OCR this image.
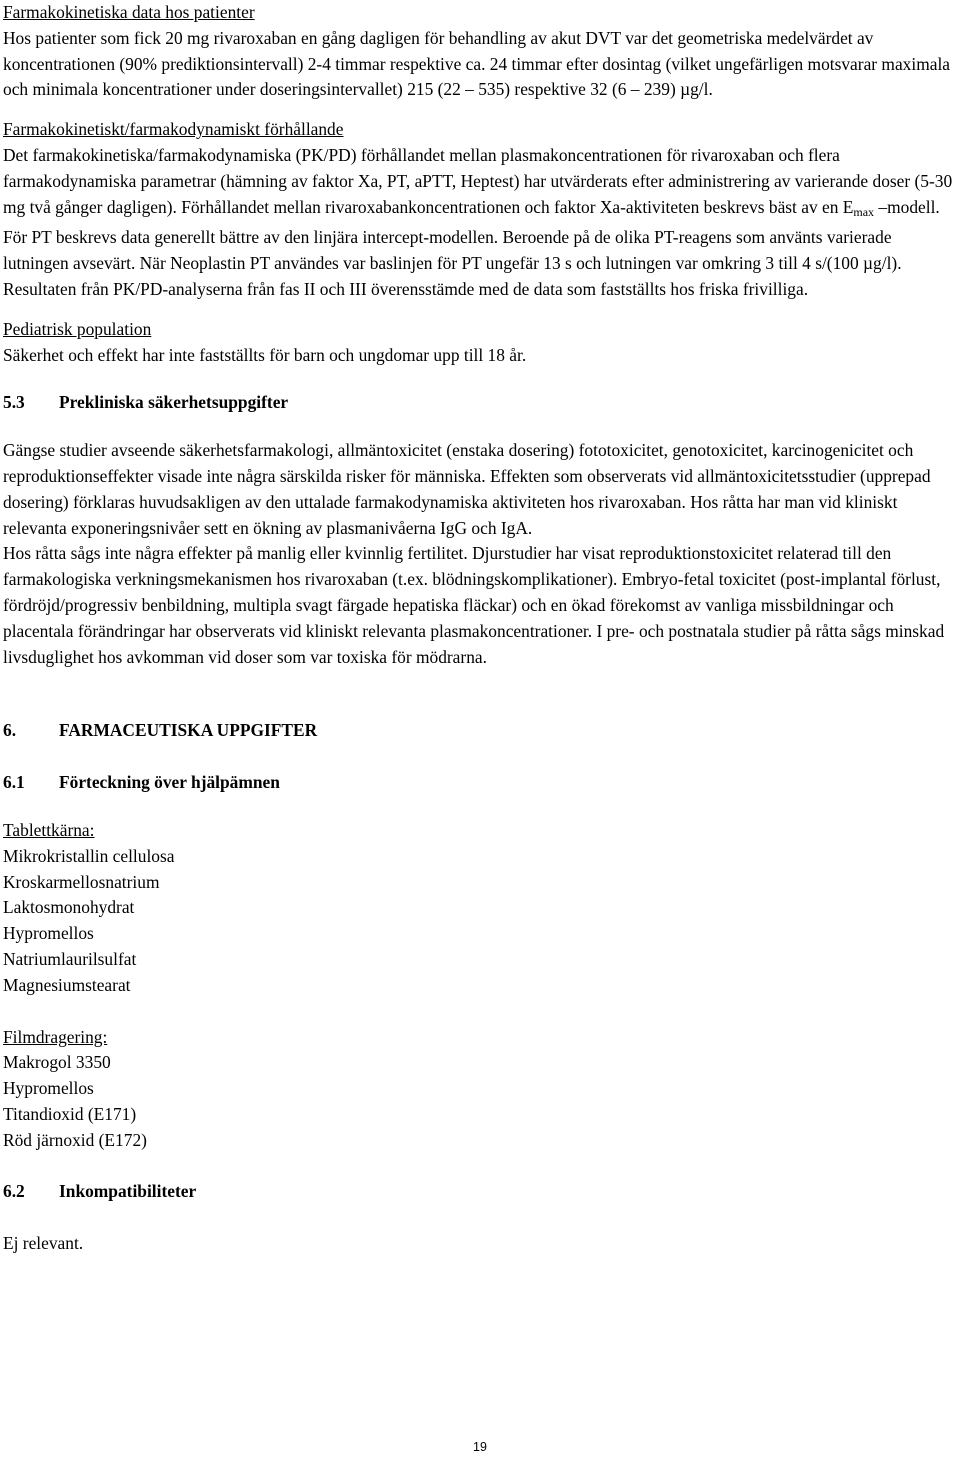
Farmakokinetiska data hos patienter

Hos patienter som fick 20 mg rivaroxaban en gång dagligen för behandling av akut DVT var det geometriska medelvärdet av koncentrationen (90% prediktionsintervall) 2-4 timmar respektive ca. 24 timmar efter dosintag (vilket ungefärligen motsvarar maximala och minimala koncentrationer under doseringsintervallet) 215 (22 – 535) respektive 32 (6 – 239) µg/l.

Farmakokinetiskt/farmakodynamiskt förhållande

Det farmakokinetiska/farmakodynamiska (PK/PD) förhållandet mellan plasmakoncentrationen för rivaroxaban och flera farmakodynamiska parametrar (hämning av faktor Xa, PT, aPTT, Heptest) har utvärderats efter administrering av varierande doser (5-30 mg två gånger dagligen). Förhållandet mellan rivaroxabankoncentrationen och faktor Xa-aktiviteten beskrevs bäst av en $E_{max}$ –modell. För PT beskrevs data generellt bättre av den linjära intercept-modellen. Beroende på de olika PT-reagens som använts varierade lutningen avsevärt. När Neoplastin PT användes var baslinjen för PT ungefär 13 s och lutningen var omkring 3 till 4 s/(100 µg/l). Resultaten från PK/PD-analyserna från fas II och III överensstämde med de data som fastställts hos friska frivilliga.

Pediatrisk population

Säkerhet och effekt har inte fastställts för barn och ungdomar upp till 18 år.

5.3	Prekliniska säkerhetsuppgifter

Gängse studier avseende säkerhetsfarmakologi, allmäntoxicitet (enstaka dosering) fototoxicitet, genotoxicitet, karcinogenicitet och reproduktionseffekter visade inte några särskilda risker för människa. Effekten som observerats vid allmäntoxicitetsstudier (upprepad dosering) förklaras huvudsakligen av den uttalade farmakodynamiska aktiviteten hos rivaroxaban. Hos råtta har man vid kliniskt relevanta exponeringsnivåer sett en ökning av plasmanivåerna IgG och IgA.

Hos råtta sågs inte några effekter på manlig eller kvinnlig fertilitet. Djurstudier har visat reproduktionstoxicitet relaterad till den farmakologiska verkningsmekanismen hos rivaroxaban (t.ex. blödningskomplikationer). Embryo-fetal toxicitet (post-implantal förlust, fördröjd/progressiv benbildning, multipla svagt färgade hepatiska fläckar) och en ökad förekomst av vanliga missbildningar och placentala förändringar har observerats vid kliniskt relevanta plasmakoncentrationer. I pre- och postnatala studier på råtta sågs minskad livsduglighet hos avkomman vid doser som var toxiska för mödrarna.

6.	FARMACEUTISKA UPPGIFTER

6.1	Förteckning över hjälpämnen

Tablettkärna:

Mikrokristallin cellulosa

Kroskarmellosnatrium

Laktosmonohydrat

Hypromellos

Natriumlaurilsulfat

Magnesiumstearat

Filmdragering:

Makrogol 3350

Hypromellos

Titandioxid (E171)

Röd järnoxid (E172)

6.2	Inkompatibiliteter

Ej relevant.

19
